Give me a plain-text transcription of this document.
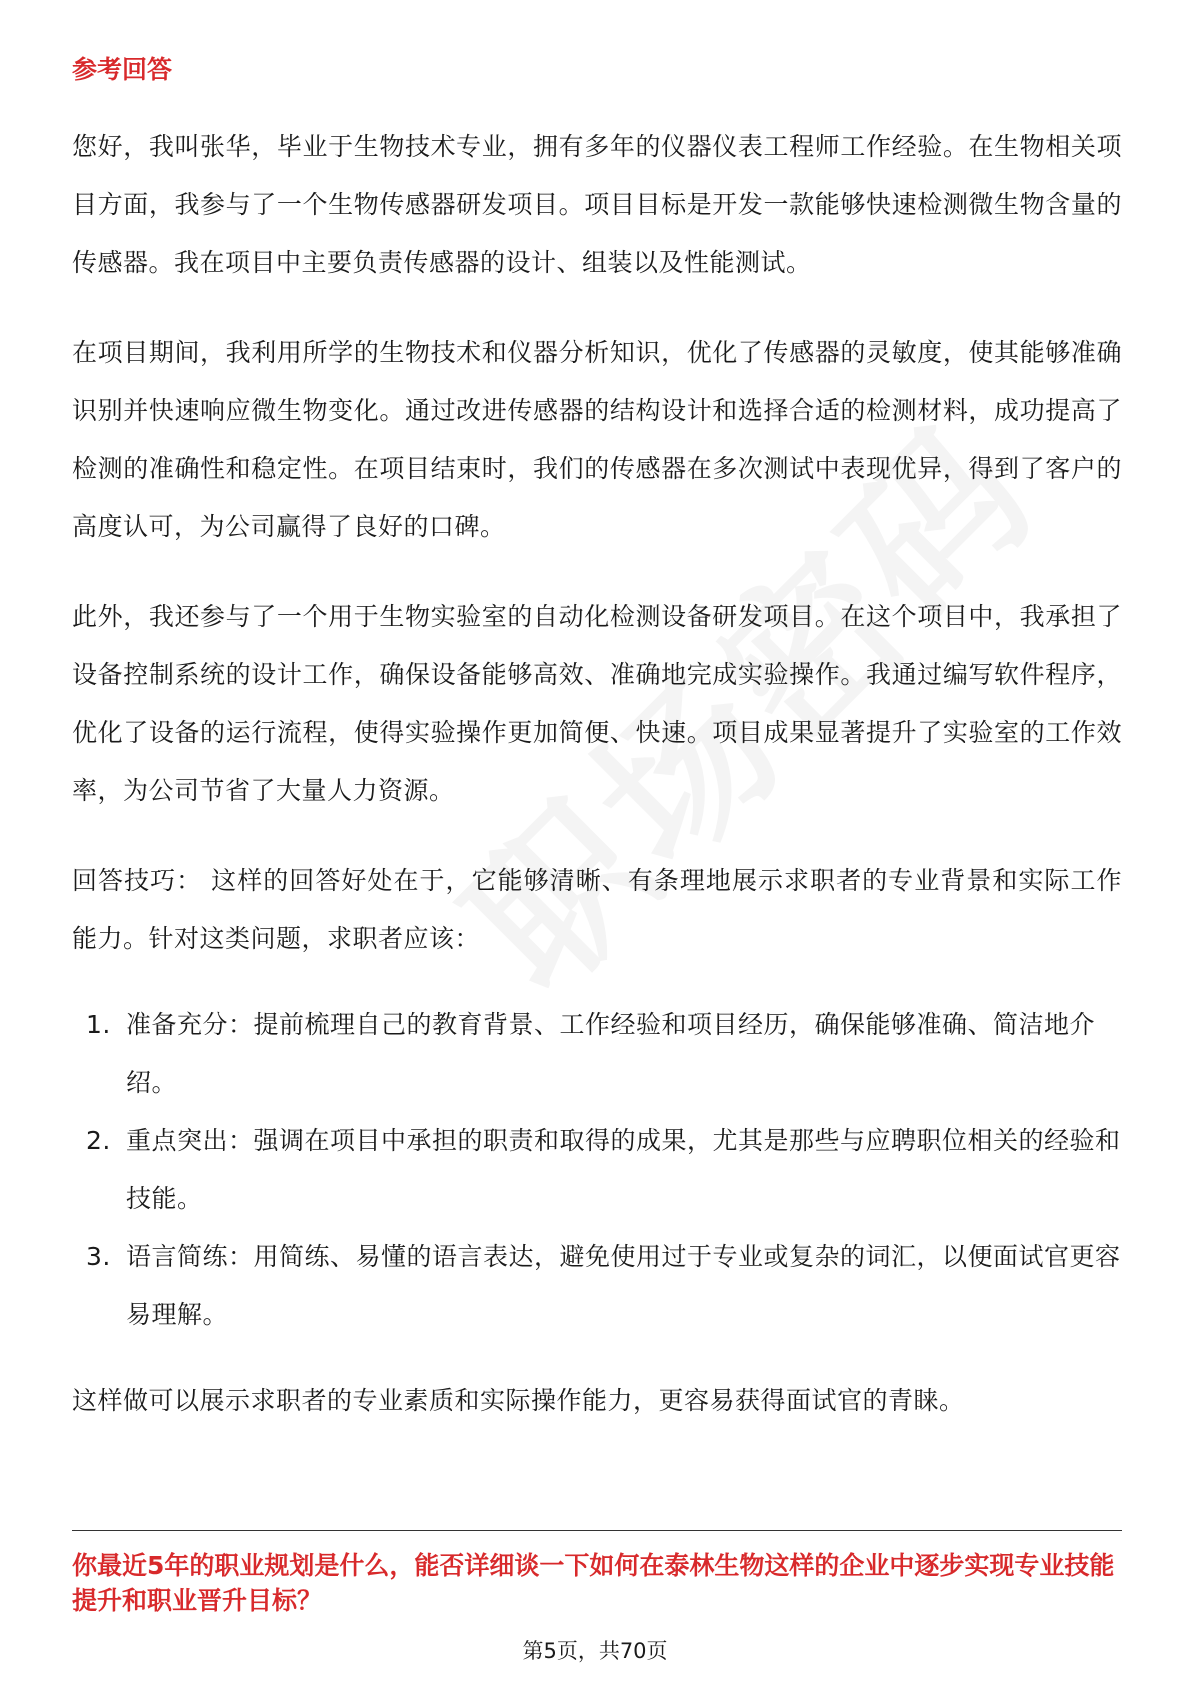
参考回答

您好，我叫张华，毕业于生物技术专业，拥有多年的仪器仪表工程师工作经验。在生物相关项目方面，我参与了一个生物传感器研发项目。项目目标是开发一款能够快速检测微生物含量的传感器。我在项目中主要负责传感器的设计、组装以及性能测试。

在项目期间，我利用所学的生物技术和仪器分析知识，优化了传感器的灵敏度，使其能够准确识别并快速响应微生物变化。通过改进传感器的结构设计和选择合适的检测材料，成功提高了检测的准确性和稳定性。在项目结束时，我们的传感器在多次测试中表现优异，得到了客户的高度认可，为公司赢得了良好的口碑。

此外，我还参与了一个用于生物实验室的自动化检测设备研发项目。在这个项目中，我承担了设备控制系统的设计工作，确保设备能够高效、准确地完成实验操作。我通过编写软件程序，优化了设备的运行流程，使得实验操作更加简便、快速。项目成果显著提升了实验室的工作效率，为公司节省了大量人力资源。

回答技巧： 这样的回答好处在于，它能够清晰、有条理地展示求职者的专业背景和实际工作能力。针对这类问题，求职者应该：

1. 准备充分：提前梳理自己的教育背景、工作经验和项目经历，确保能够准确、简洁地介绍。
2. 重点突出：强调在项目中承担的职责和取得的成果，尤其是那些与应聘职位相关的经验和技能。
3. 语言简练：用简练、易懂的语言表达，避免使用过于专业或复杂的词汇，以便面试官更容易理解。

这样做可以展示求职者的专业素质和实际操作能力，更容易获得面试官的青睐。

你最近5年的职业规划是什么，能否详细谈一下如何在泰林生物这样的企业中逐步实现专业技能提升和职业晋升目标？

第5页，共70页
